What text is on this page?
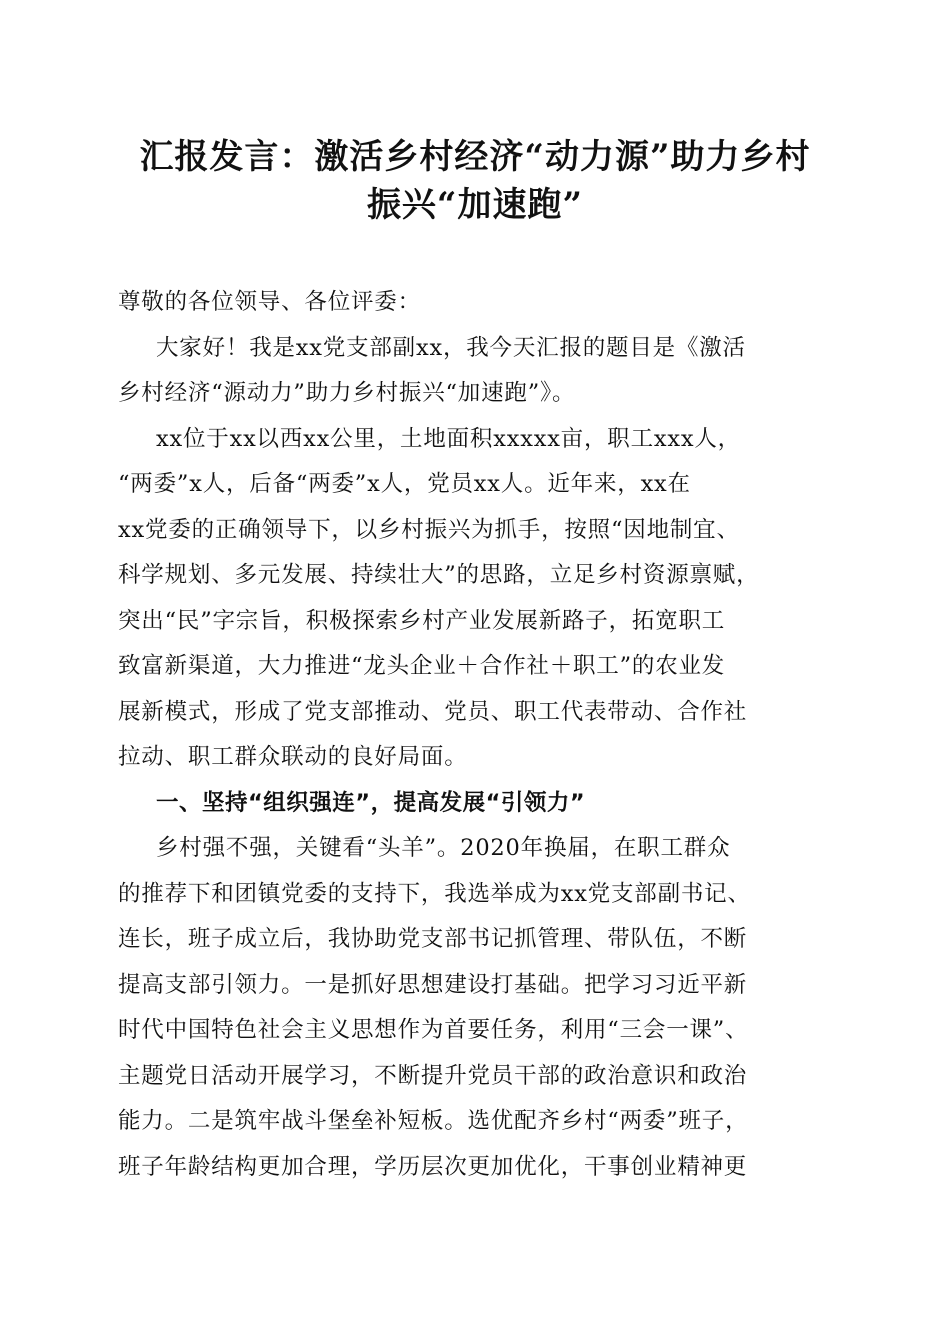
汇报发言：激活乡村经济“动力源”助力乡村
振兴“加速跑”
尊敬的各位领导、各位评委：
大家好！我是xx党支部副xx，我今天汇报的题目是《激活
乡村经济“源动力”助力乡村振兴“加速跑”》。
xx位于xx以西xx公里，土地面积xxxxx亩，职工xxx人，
“两委”x人，后备“两委”x人，党员xx人。近年来，xx在
xx党委的正确领导下，以乡村振兴为抓手，按照“因地制宜、
科学规划、多元发展、持续壮大”的思路，立足乡村资源禀赋，
突出“民”字宗旨，积极探索乡村产业发展新路子，拓宽职工
致富新渠道，大力推进“龙头企业＋合作社＋职工”的农业发
展新模式，形成了党支部推动、党员、职工代表带动、合作社
拉动、职工群众联动的良好局面。
一、坚持“组织强连”，提高发展“引领力”
乡村强不强，关键看“头羊”。2020年换届，在职工群众
的推荐下和团镇党委的支持下，我选举成为xx党支部副书记、
连长，班子成立后，我协助党支部书记抓管理、带队伍，不断
提高支部引领力。一是抓好思想建设打基础。把学习习近平新
时代中国特色社会主义思想作为首要任务，利用“三会一课”、
主题党日活动开展学习，不断提升党员干部的政治意识和政治
能力。二是筑牢战斗堡垒补短板。选优配齐乡村“两委”班子，
班子年龄结构更加合理，学历层次更加优化，干事创业精神更
